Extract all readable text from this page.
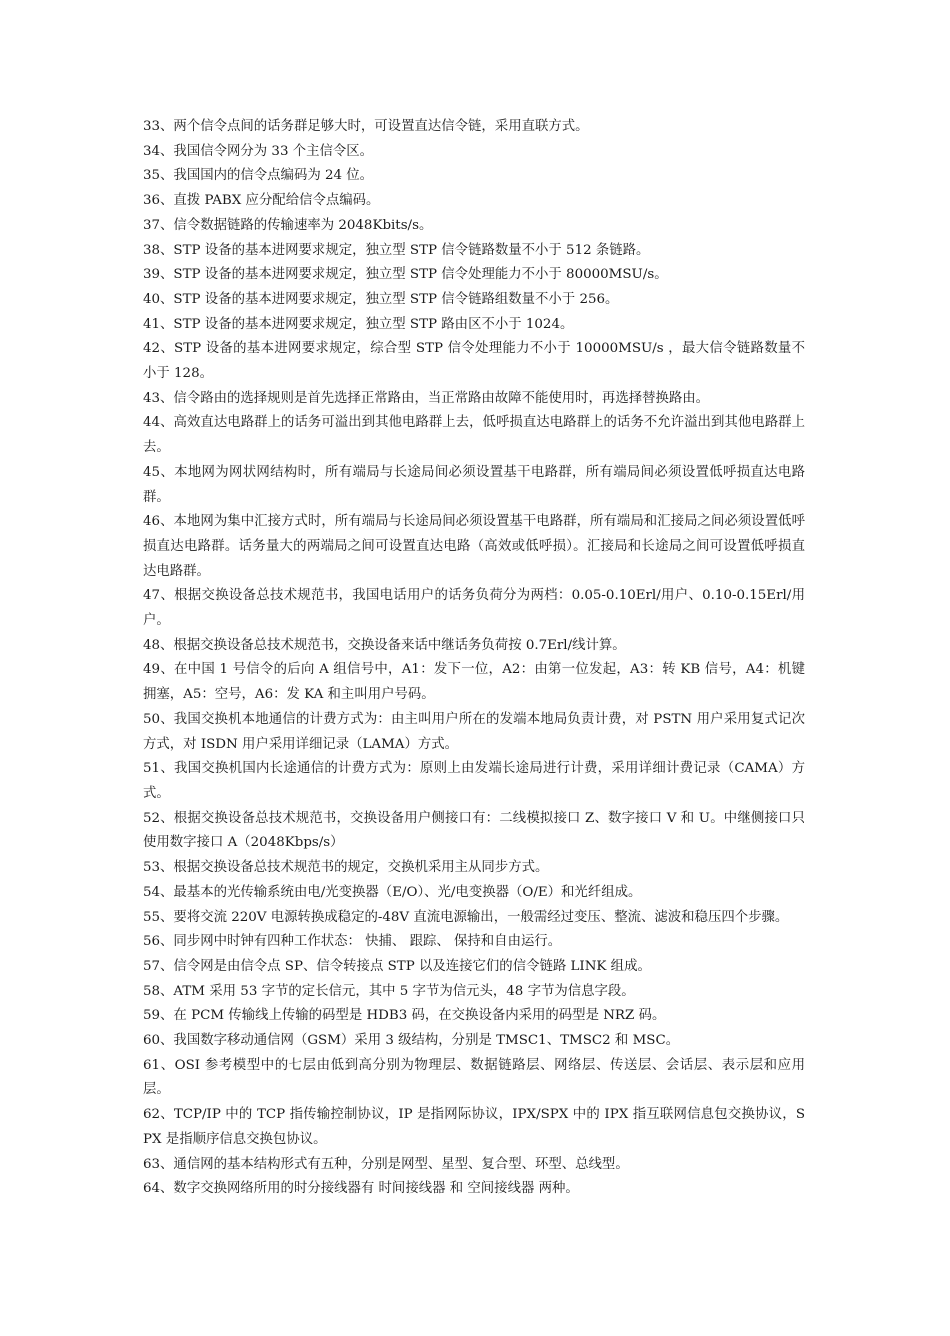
33、两个信令点间的话务群足够大时，可设置直达信令链，采用直联方式。

34、我国信令网分为 33 个主信令区。

35、我国国内的信令点编码为 24 位。

36、直拨 PABX 应分配给信令点编码。

37、信令数据链路的传输速率为 2048Kbits/s。

38、STP 设备的基本进网要求规定，独立型 STP 信令链路数量不小于 512 条链路。

39、STP 设备的基本进网要求规定，独立型 STP 信令处理能力不小于 80000MSU/s。

40、STP 设备的基本进网要求规定，独立型 STP 信令链路组数量不小于 256。

41、STP 设备的基本进网要求规定，独立型 STP 路由区不小于 1024。

42、STP 设备的基本进网要求规定，综合型 STP 信令处理能力不小于 10000MSU/s ，最大信令链路数量不小于 128。

43、信令路由的选择规则是首先选择正常路由，当正常路由故障不能使用时，再选择替换路由。

44、高效直达电路群上的话务可溢出到其他电路群上去，低呼损直达电路群上的话务不允许溢出到其他电路群上去。

45、本地网为网状网结构时，所有端局与长途局间必须设置基干电路群，所有端局间必须设置低呼损直达电路群。

46、本地网为集中汇接方式时，所有端局与长途局间必须设置基干电路群，所有端局和汇接局之间必须设置低呼损直达电路群。话务量大的两端局之间可设置直达电路（高效或低呼损）。汇接局和长途局之间可设置低呼损直达电路群。

47、根据交换设备总技术规范书，我国电话用户的话务负荷分为两档：0.05-0.10Erl/用户、0.10-0.15Erl/用户。

48、根据交换设备总技术规范书，交换设备来话中继话务负荷按 0.7Erl/线计算。

49、在中国 1 号信令的后向 A 组信号中，A1：发下一位，A2：由第一位发起，A3：转 KB 信号，A4：机键拥塞，A5：空号，A6：发 KA 和主叫用户号码。

50、我国交换机本地通信的计费方式为：由主叫用户所在的发端本地局负责计费，对 PSTN 用户采用复式记次方式，对 ISDN 用户采用详细记录（LAMA）方式。

51、我国交换机国内长途通信的计费方式为：原则上由发端长途局进行计费，采用详细计费记录（CAMA）方式。

52、根据交换设备总技术规范书，交换设备用户侧接口有：二线模拟接口 Z、数字接口 V 和 U。中继侧接口只使用数字接口 A（2048Kbps/s）

53、根据交换设备总技术规范书的规定，交换机采用主从同步方式。

54、最基本的光传输系统由电/光变换器（E/O）、光/电变换器（O/E）和光纤组成。

55、要将交流 220V 电源转换成稳定的-48V 直流电源输出，一般需经过变压、整流、滤波和稳压四个步骤。

56、同步网中时钟有四种工作状态： 快捕、 跟踪、 保持和自由运行。

57、信令网是由信令点 SP、信令转接点 STP 以及连接它们的信令链路 LINK 组成。

58、ATM 采用 53 字节的定长信元，其中 5 字节为信元头，48 字节为信息字段。

59、在 PCM 传输线上传输的码型是 HDB3 码，在交换设备内采用的码型是 NRZ 码。

60、我国数字移动通信网（GSM）采用 3 级结构，分别是 TMSC1、TMSC2 和 MSC。

61、OSI 参考模型中的七层由低到高分别为物理层、数据链路层、网络层、传送层、会话层、表示层和应用层。

62、TCP/IP 中的 TCP 指传输控制协议，IP 是指网际协议，IPX/SPX 中的 IPX 指互联网信息包交换协议，SPX 是指顺序信息交换包协议。

63、通信网的基本结构形式有五种，分别是网型、星型、复合型、环型、总线型。

64、数字交换网络所用的时分接线器有 时间接线器 和 空间接线器 两种。
